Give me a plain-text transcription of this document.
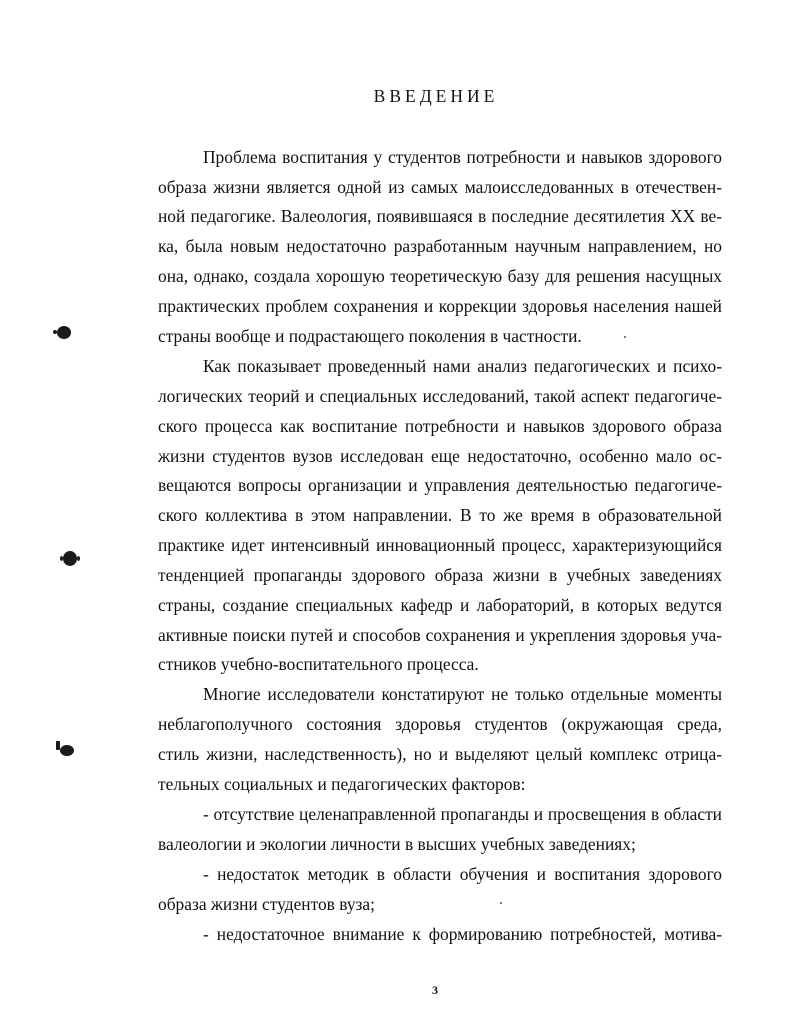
ВВЕДЕНИЕ

Проблема воспитания у студентов потребности и навыков здорового

образа жизни является одной из самых малоисследованных в отечествен-

ной педагогике. Валеология, появившаяся в последние десятилетия XX ве-

ка, была новым недостаточно разработанным научным направлением, но

она, однако, создала хорошую теоретическую базу для решения насущных

практических проблем сохранения и коррекции здоровья населения нашей

страны вообще и подрастающего поколения в частности.

Как показывает проведенный нами анализ педагогических и психо-

логических теорий и специальных исследований, такой аспект педагогиче-

ского процесса как воспитание потребности и навыков здорового образа

жизни студентов вузов исследован еще недостаточно, особенно мало ос-

вещаются вопросы организации и управления деятельностью педагогиче-

ского коллектива в этом направлении. В то же время в образовательной

практике идет интенсивный инновационный процесс, характеризующийся

тенденцией пропаганды здорового образа жизни в учебных заведениях

страны, создание специальных кафедр и лабораторий, в которых ведутся

активные поиски путей и способов сохранения и укрепления здоровья уча-

стников учебно-воспитательного процесса.

Многие исследователи констатируют не только отдельные моменты

неблагополучного состояния здоровья студентов (окружающая среда,

стиль жизни, наследственность), но и выделяют целый комплекс отрица-

тельных социальных и педагогических факторов:

- отсутствие целенаправленной пропаганды и просвещения в области

валеологии и экологии личности в высших учебных заведениях;

- недостаток методик в области обучения и воспитания здорового

образа жизни студентов вуза;

- недостаточное внимание к формированию потребностей, мотива-

3
